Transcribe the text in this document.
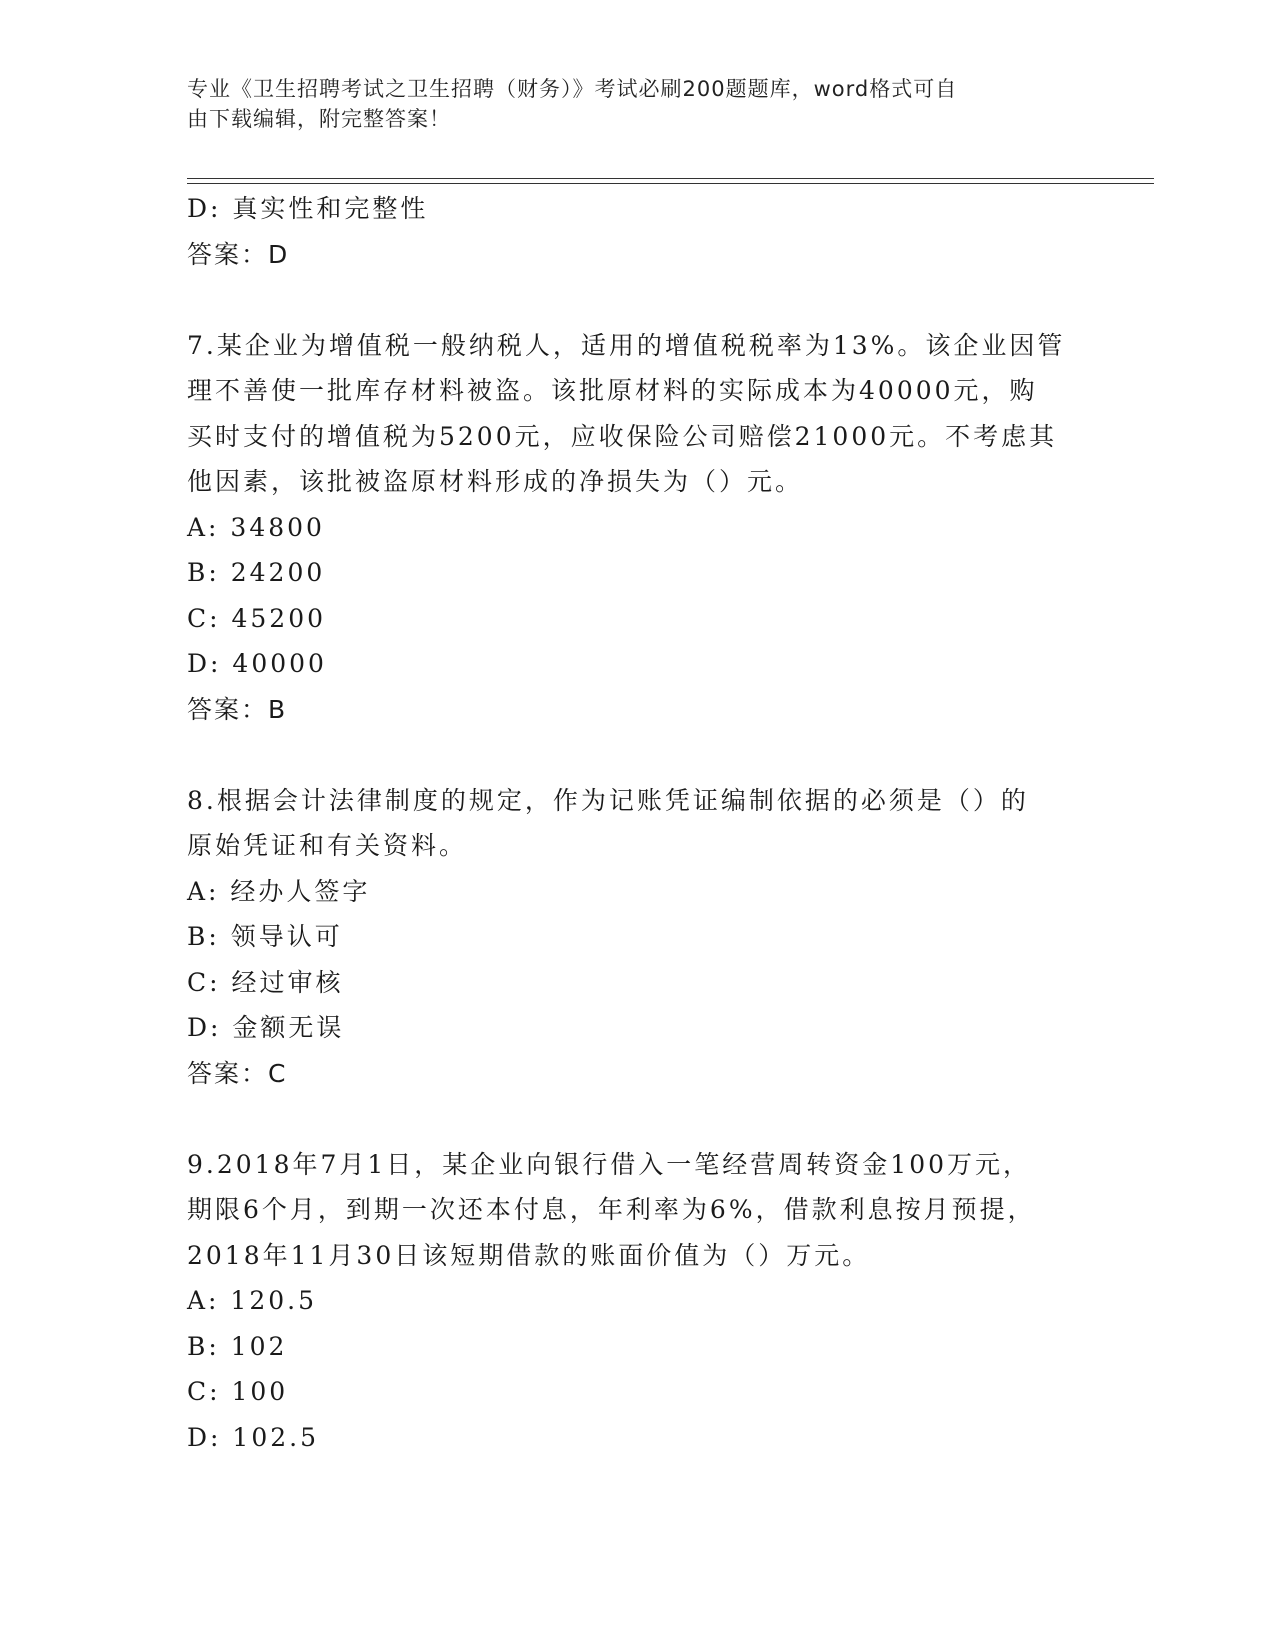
专业《卫生招聘考试之卫生招聘（财务）》考试必刷200题题库，word格式可自
由下载编辑，附完整答案！
D: 真实性和完整性
答案：D
7.某企业为增值税一般纳税人，适用的增值税税率为13%。该企业因管
理不善使一批库存材料被盗。该批原材料的实际成本为40000元，购
买时支付的增值税为5200元，应收保险公司赔偿21000元。不考虑其
他因素，该批被盗原材料形成的净损失为（）元。
A: 34800
B: 24200
C: 45200
D: 40000
答案：B
8.根据会计法律制度的规定，作为记账凭证编制依据的必须是（）的
原始凭证和有关资料。
A: 经办人签字
B: 领导认可
C: 经过审核
D: 金额无误
答案：C
9.2018年7月1日，某企业向银行借入一笔经营周转资金100万元，
期限6个月，到期一次还本付息，年利率为6%，借款利息按月预提，
2018年11月30日该短期借款的账面价值为（）万元。
A: 120.5
B: 102
C: 100
D: 102.5
